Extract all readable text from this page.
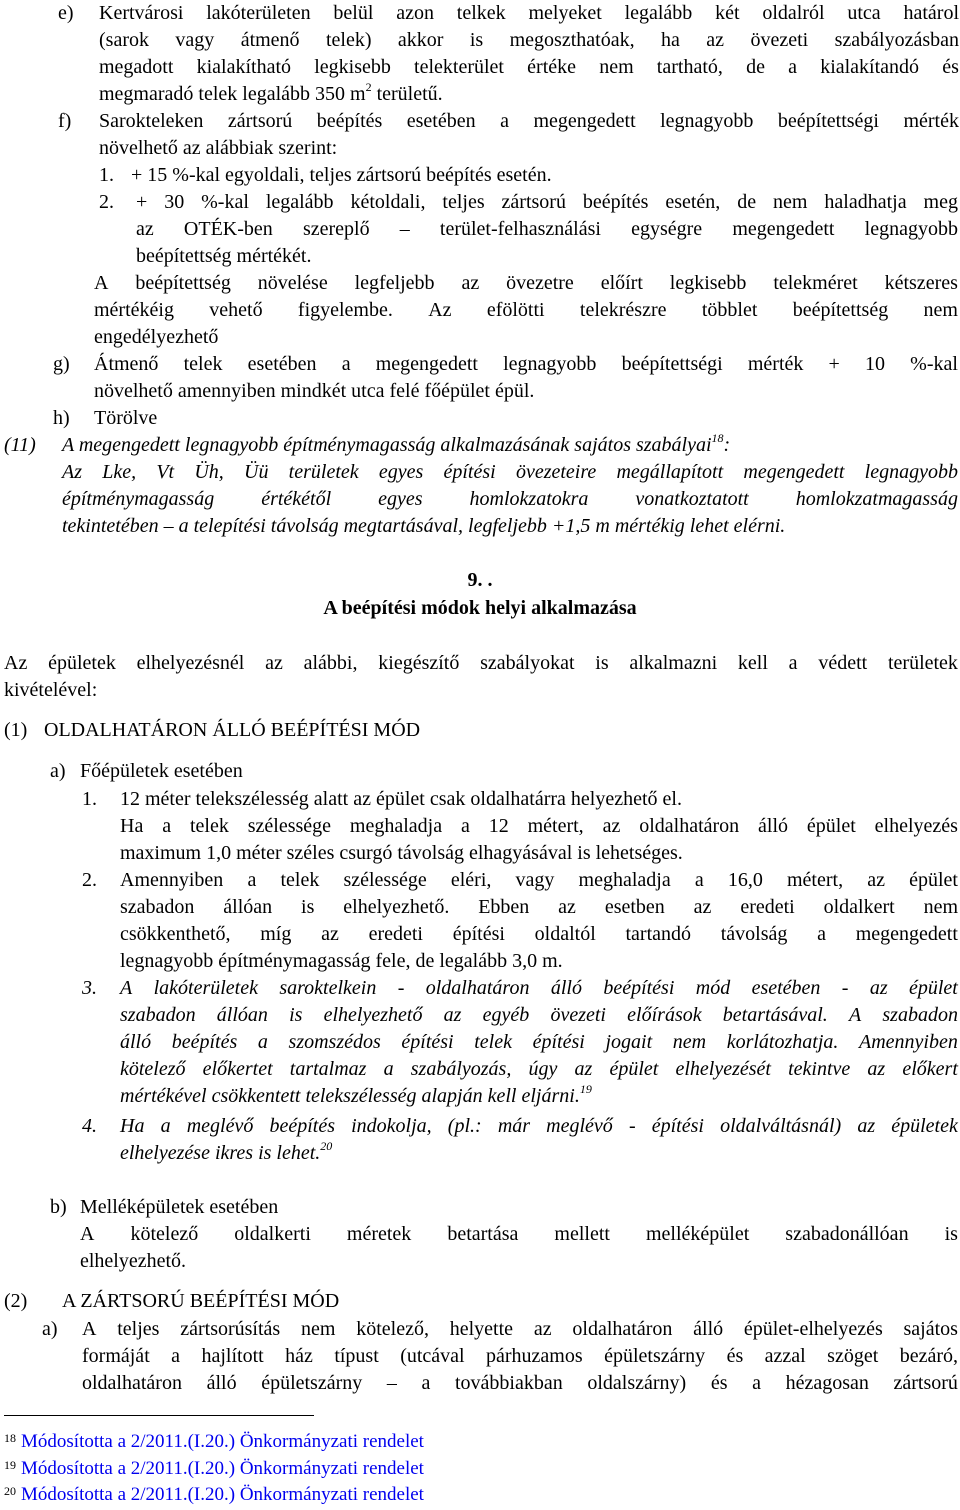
e) Kertvárosi lakóterületen belül azon telkek melyeket legalább két oldalról utca határol
(sarok vagy átmenő telek) akkor is megoszthatóak, ha az övezeti szabályozásban
megadott kialakítható legkisebb telekterület értéke nem tartható, de a kialakítandó és
megmaradó telek legalább 350 $m^2$ területű.
f) Sarokteleken zártsorú beépítés esetében a megengedett legnagyobb beépítettségi mérték
növelhető az alábbiak szerint:
1. + 15 %-kal egyoldali, teljes zártsorú beépítés esetén.
2. + 30 %-kal legalább kétoldali, teljes zártsorú beépítés esetén, de nem haladhatja meg
az OTÉK-ben szereplő – terület-felhasználási egységre megengedett legnagyobb
beépítettség mértékét.
A beépítettség növelése legfeljebb az övezetre előírt legkisebb telekméret kétszeres
mértékéig vehető figyelembe. Az efölötti telekrészre többlet beépítettség nem
engedélyezhető
g) Átmenő telek esetében a megengedett legnagyobb beépítettségi mérték + 10 %-kal
növelhető amennyiben mindkét utca felé főépület épül.
h) Törölve
(11) A megengedett legnagyobb építménymagasság alkalmazásának sajátos szabályai$^{18}$:
Az Lke, Vt Üh, Üü területek egyes építési övezeteire megállapított megengedett legnagyobb
építménymagasság értékétől egyes homlokzatokra vonatkoztatott homlokzatmagasság
tekintetében – a telepítési távolság megtartásával, legfeljebb +1,5 m mértékig lehet elérni.
9. .
A beépítési módok helyi alkalmazása
Az épületek elhelyezésnél az alábbi, kiegészítő szabályokat is alkalmazni kell a védett területek
kivételével:
(1) OLDALHATÁRON ÁLLÓ BEÉPÍTÉSI MÓD
a) Főépületek esetében
1. 12 méter telekszélesség alatt az épület csak oldalhatárra helyezhető el.
Ha a telek szélessége meghaladja a 12 métert, az oldalhatáron álló épület elhelyezés
maximum 1,0 méter széles csurgó távolság elhagyásával is lehetséges.
2. Amennyiben a telek szélessége eléri, vagy meghaladja a 16,0 métert, az épület
szabadon állóan is elhelyezhető. Ebben az esetben az eredeti oldalkert nem
csökkenthető, míg az eredeti építési oldaltól tartandó távolság a megengedett
legnagyobb építménymagasság fele, de legalább 3,0 m.
3. A lakóterületek saroktelkein - oldalhatáron álló beépítési mód esetében - az épület
szabadon állóan is elhelyezhető az egyéb övezeti előírások betartásával. A szabadon
álló beépítés a szomszédos építési telek építési jogait nem korlátozhatja. Amennyiben
kötelező előkertet tartalmaz a szabályozás, úgy az épület elhelyezését tekintve az előkert
mértékével csökkentett telekszélesség alapján kell eljárni.$^{19}$
4. Ha a meglévő beépítés indokolja, (pl.: már meglévő - építési oldalváltásnál) az épületek
elhelyezése ikres is lehet.$^{20}$
b) Melléképületek esetében
A kötelező oldalkerti méretek betartása mellett melléképület szabadonállóan is
elhelyezhető.
(2) A ZÁRTSORÚ BEÉPÍTÉSI MÓD
a) A teljes zártsorúsítás nem kötelező, helyette az oldalhatáron álló épület-elhelyezés sajátos
formáját a hajlított ház típust (utcával párhuzamos épületszárny és azzal szöget bezáró,
oldalhatáron álló épületszárny – a továbbiakban oldalszárny) és a hézagosan zártsorú
$^{18}$ Módosította a 2/2011.(I.20.) Önkormányzati rendelet
$^{19}$ Módosította a 2/2011.(I.20.) Önkormányzati rendelet
$^{20}$ Módosította a 2/2011.(I.20.) Önkormányzati rendelet
